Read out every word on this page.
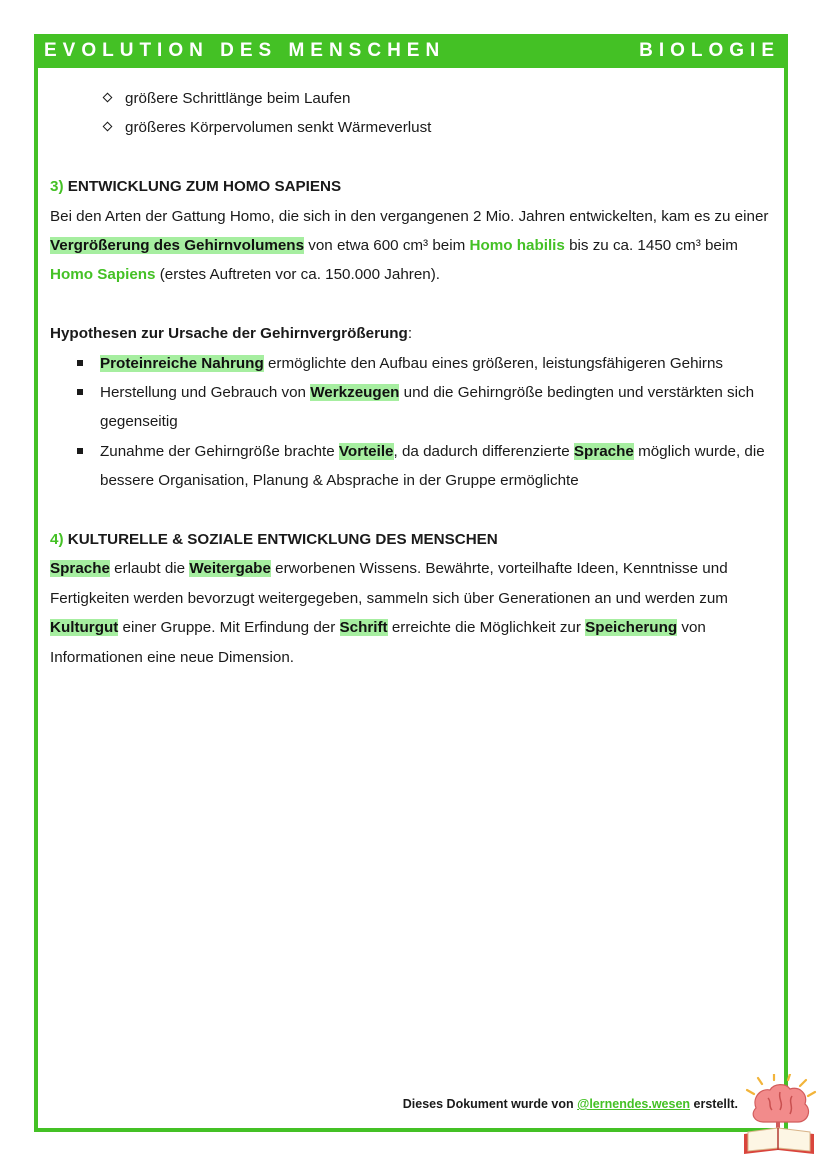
EVOLUTION DES MENSCHEN	BIOLOGIE
größere Schrittlänge beim Laufen
größeres Körpervolumen senkt Wärmeverlust

3) ENTWICKLUNG ZUM HOMO SAPIENS

Bei den Arten der Gattung Homo, die sich in den vergangenen 2 Mio. Jahren entwickelten, kam es zu einer Vergrößerung des Gehirnvolumens von etwa 600 cm³ beim Homo habilis bis zu ca. 1450 cm³ beim Homo Sapiens (erstes Auftreten vor ca. 150.000 Jahren).

Hypothesen zur Ursache der Gehirnvergrößerung:

Proteinreiche Nahrung ermöglichte den Aufbau eines größeren, leistungsfähigeren Gehirns
Herstellung und Gebrauch von Werkzeugen und die Gehirngröße bedingten und verstärkten sich gegenseitig
Zunahme der Gehirngröße brachte Vorteile, da dadurch differenzierte Sprache möglich wurde, die bessere Organisation, Planung & Absprache in der Gruppe ermöglichte

4) KULTURELLE & SOZIALE ENTWICKLUNG DES MENSCHEN

Sprache erlaubt die Weitergabe erworbenen Wissens. Bewährte, vorteilhafte Ideen, Kenntnisse und Fertigkeiten werden bevorzugt weitergegeben, sammeln sich über Generationen an und werden zum Kulturgut einer Gruppe. Mit Erfindung der Schrift erreichte die Möglichkeit zur Speicherung von Informationen eine neue Dimension.

Dieses Dokument wurde von @lernendes.wesen erstellt.
